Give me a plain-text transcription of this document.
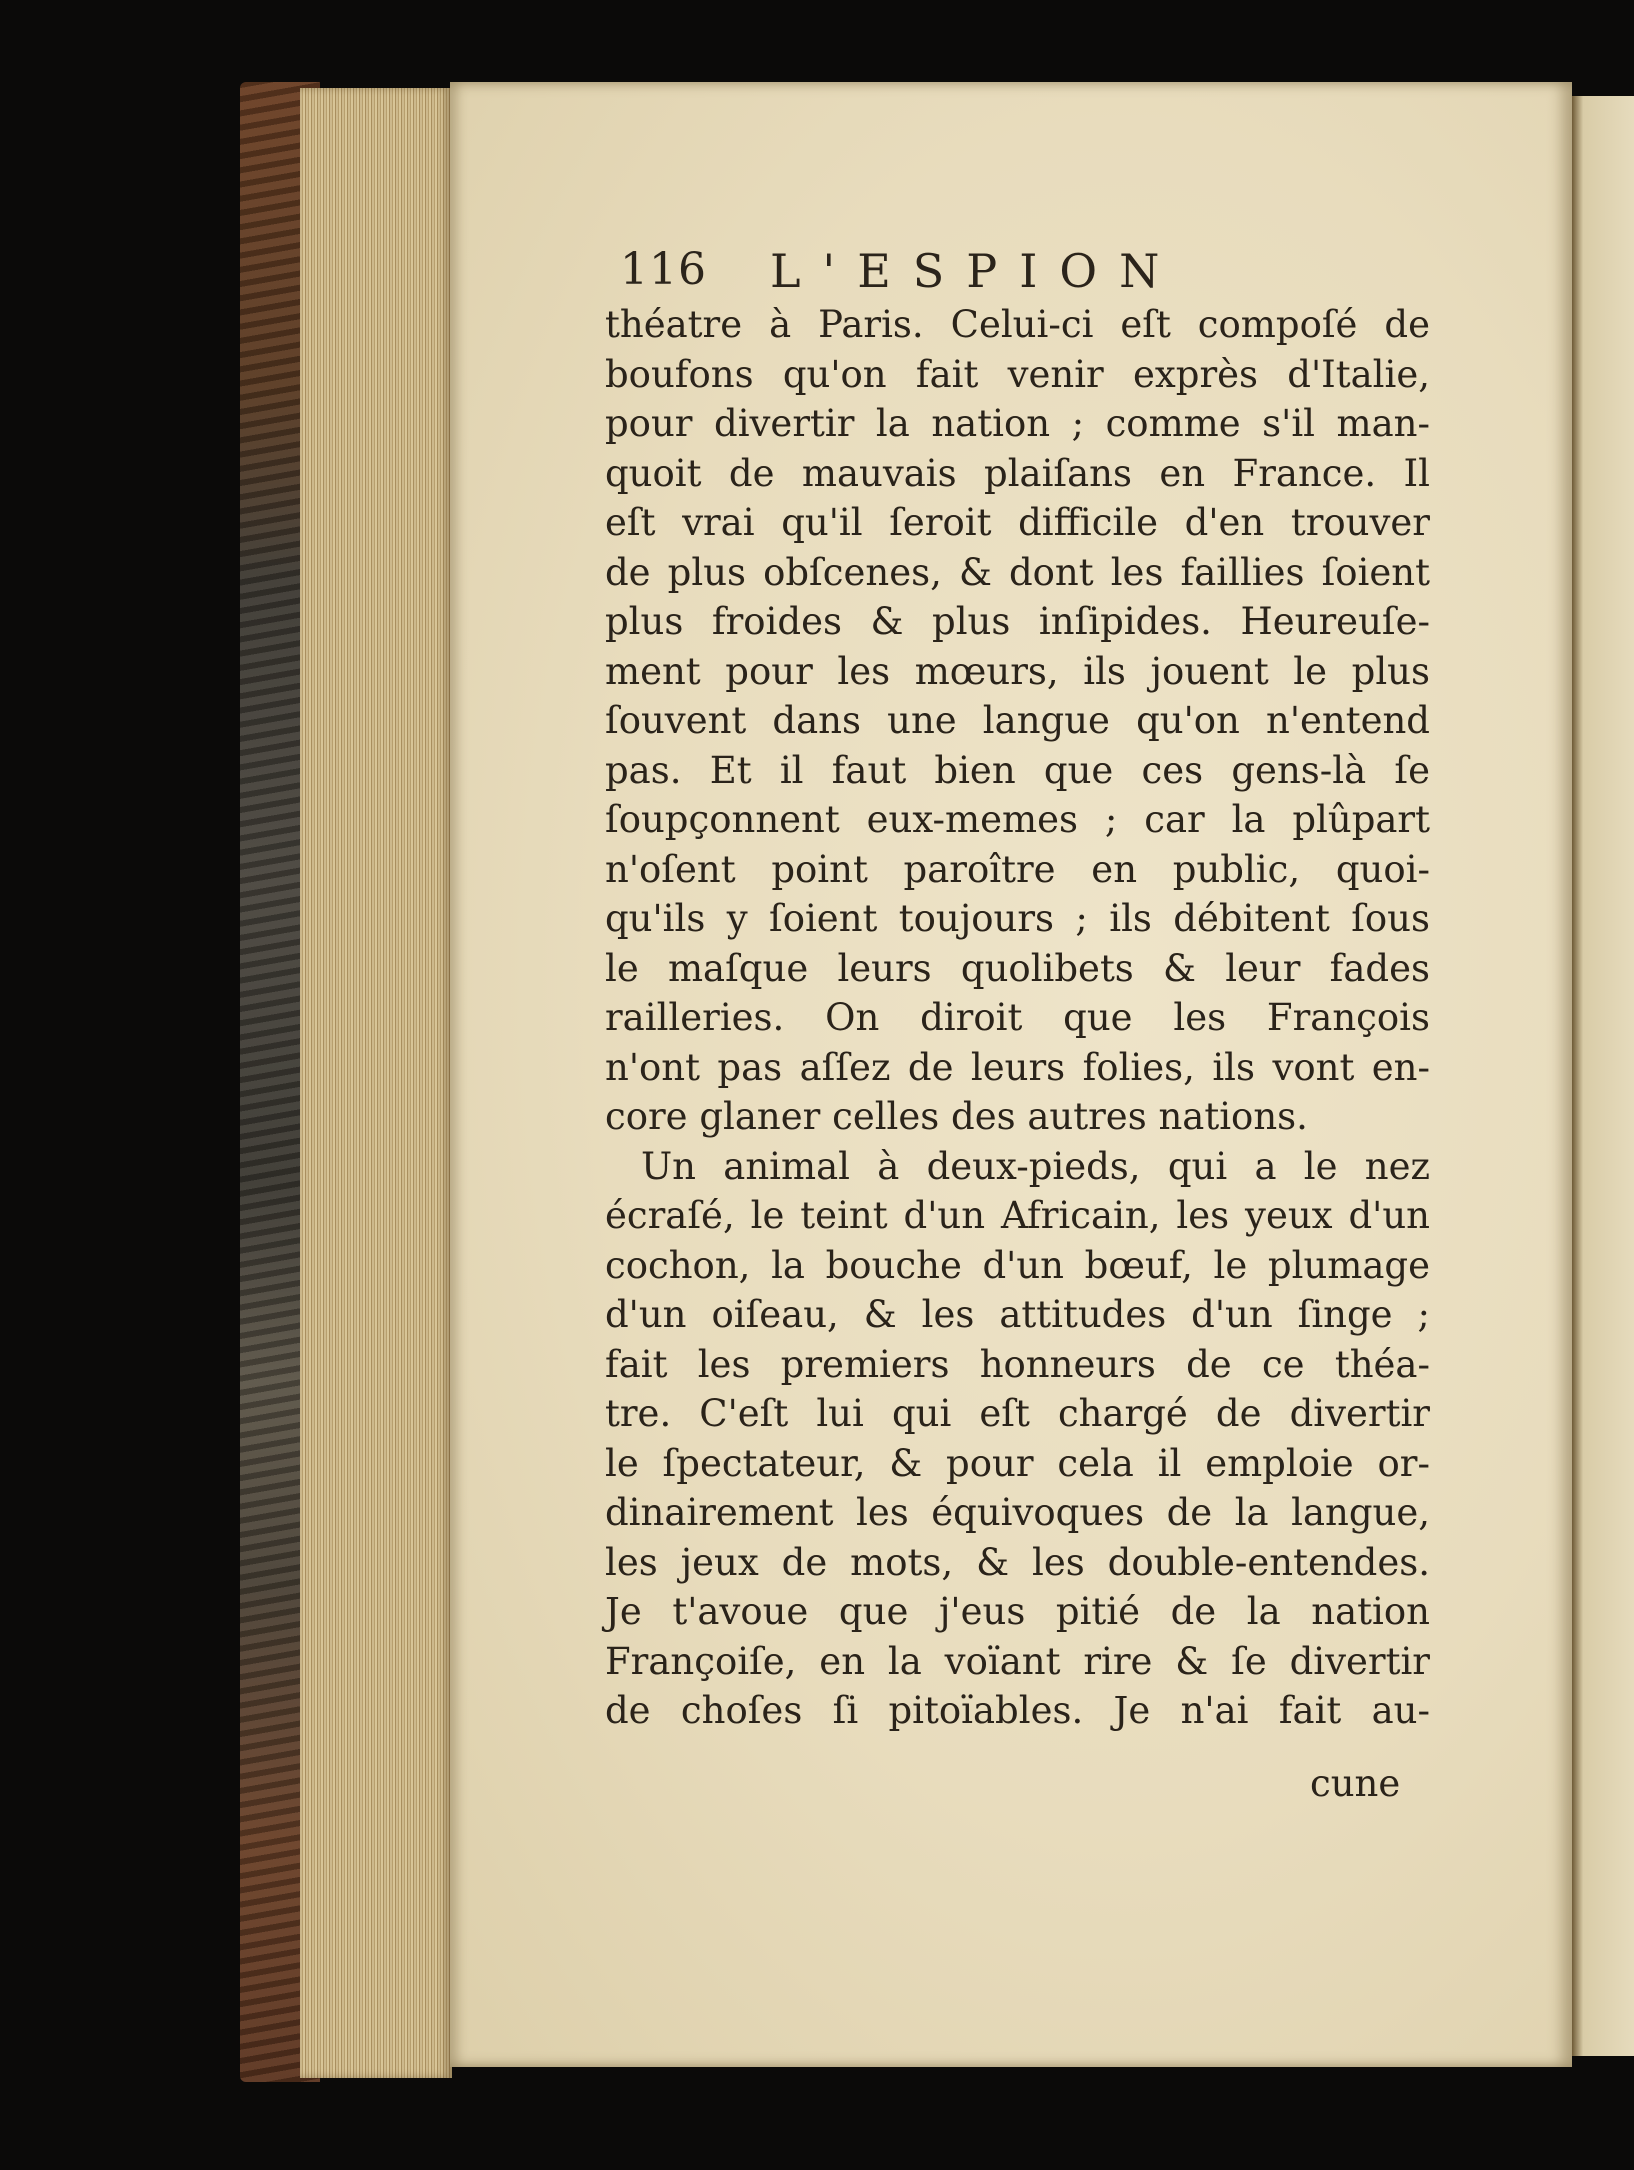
116 L'ESPION
théatre à Paris. Celui-ci eſt compoſé de
boufons qu'on fait venir exprès d'Italie,
pour divertir la nation ; comme s'il man-
quoit de mauvais plaiſans en France. Il
eſt vrai qu'il ſeroit difficile d'en trouver
de plus obſcenes, & dont les faillies ſoient
plus froides & plus inſipides. Heureuſe-
ment pour les mœurs, ils jouent le plus
ſouvent dans une langue qu'on n'entend
pas. Et il faut bien que ces gens-là ſe
ſoupçonnent eux-memes ; car la plûpart
n'oſent point paroître en public, quoi-
qu'ils y ſoient toujours ; ils débitent ſous
le maſque leurs quolibets & leur fades
railleries. On diroit que les François
n'ont pas aſſez de leurs folies, ils vont en-
core glaner celles des autres nations.
Un animal à deux-pieds, qui a le nez
écraſé, le teint d'un Africain, les yeux d'un
cochon, la bouche d'un bœuf, le plumage
d'un oiſeau, & les attitudes d'un ſinge ;
fait les premiers honneurs de ce théa-
tre. C'eſt lui qui eſt chargé de divertir
le ſpectateur, & pour cela il emploie or-
dinairement les équivoques de la langue,
les jeux de mots, & les double-entendes.
Je t'avoue que j'eus pitié de la nation
Françoiſe, en la voïant rire & ſe divertir
de choſes ſi pitoïables. Je n'ai fait au-
cune
